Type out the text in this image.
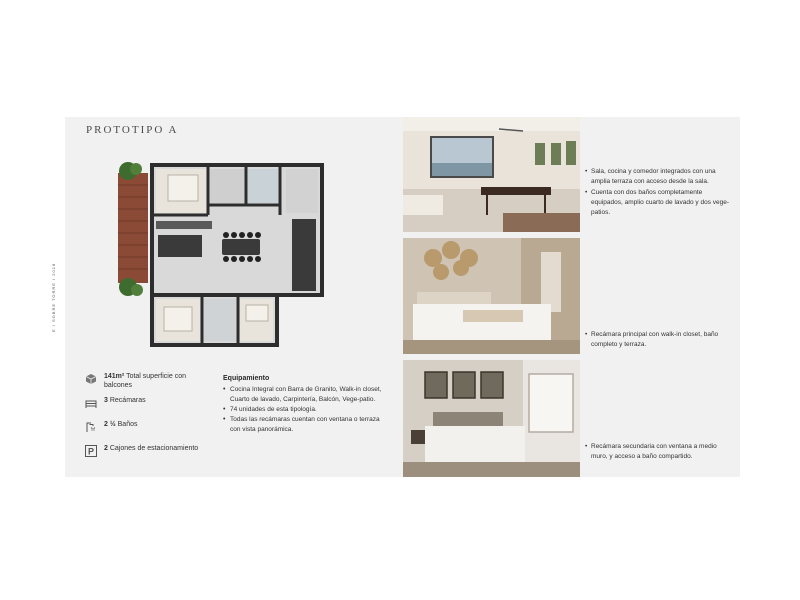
PROTOTIPO A
E / SOBRE TORRE / 2018
141m² Total superficie con balcones
3 Recámaras
2 ½ Baños
P 2 Cajones de estacionamiento
Equipamiento
• Cocina Integral con Barra de Granito, Walk-in closet, Cuarto de lavado, Carpintería, Balcón, Vege-patio.
• 74 unidades de esta tipología.
• Todas las recámaras cuentan con ventana o terraza con vista panorámica.
• Sala, cocina y comedor integrados con una amplia terraza con acceso desde la sala.
• Cuenta con dos baños completamente equipados, amplio cuarto de lavado y dos vege-patios.
• Recámara principal con walk-in closet, baño completo y terraza.
• Recámara secundaria con ventana a medio muro, y acceso a baño compartido.
